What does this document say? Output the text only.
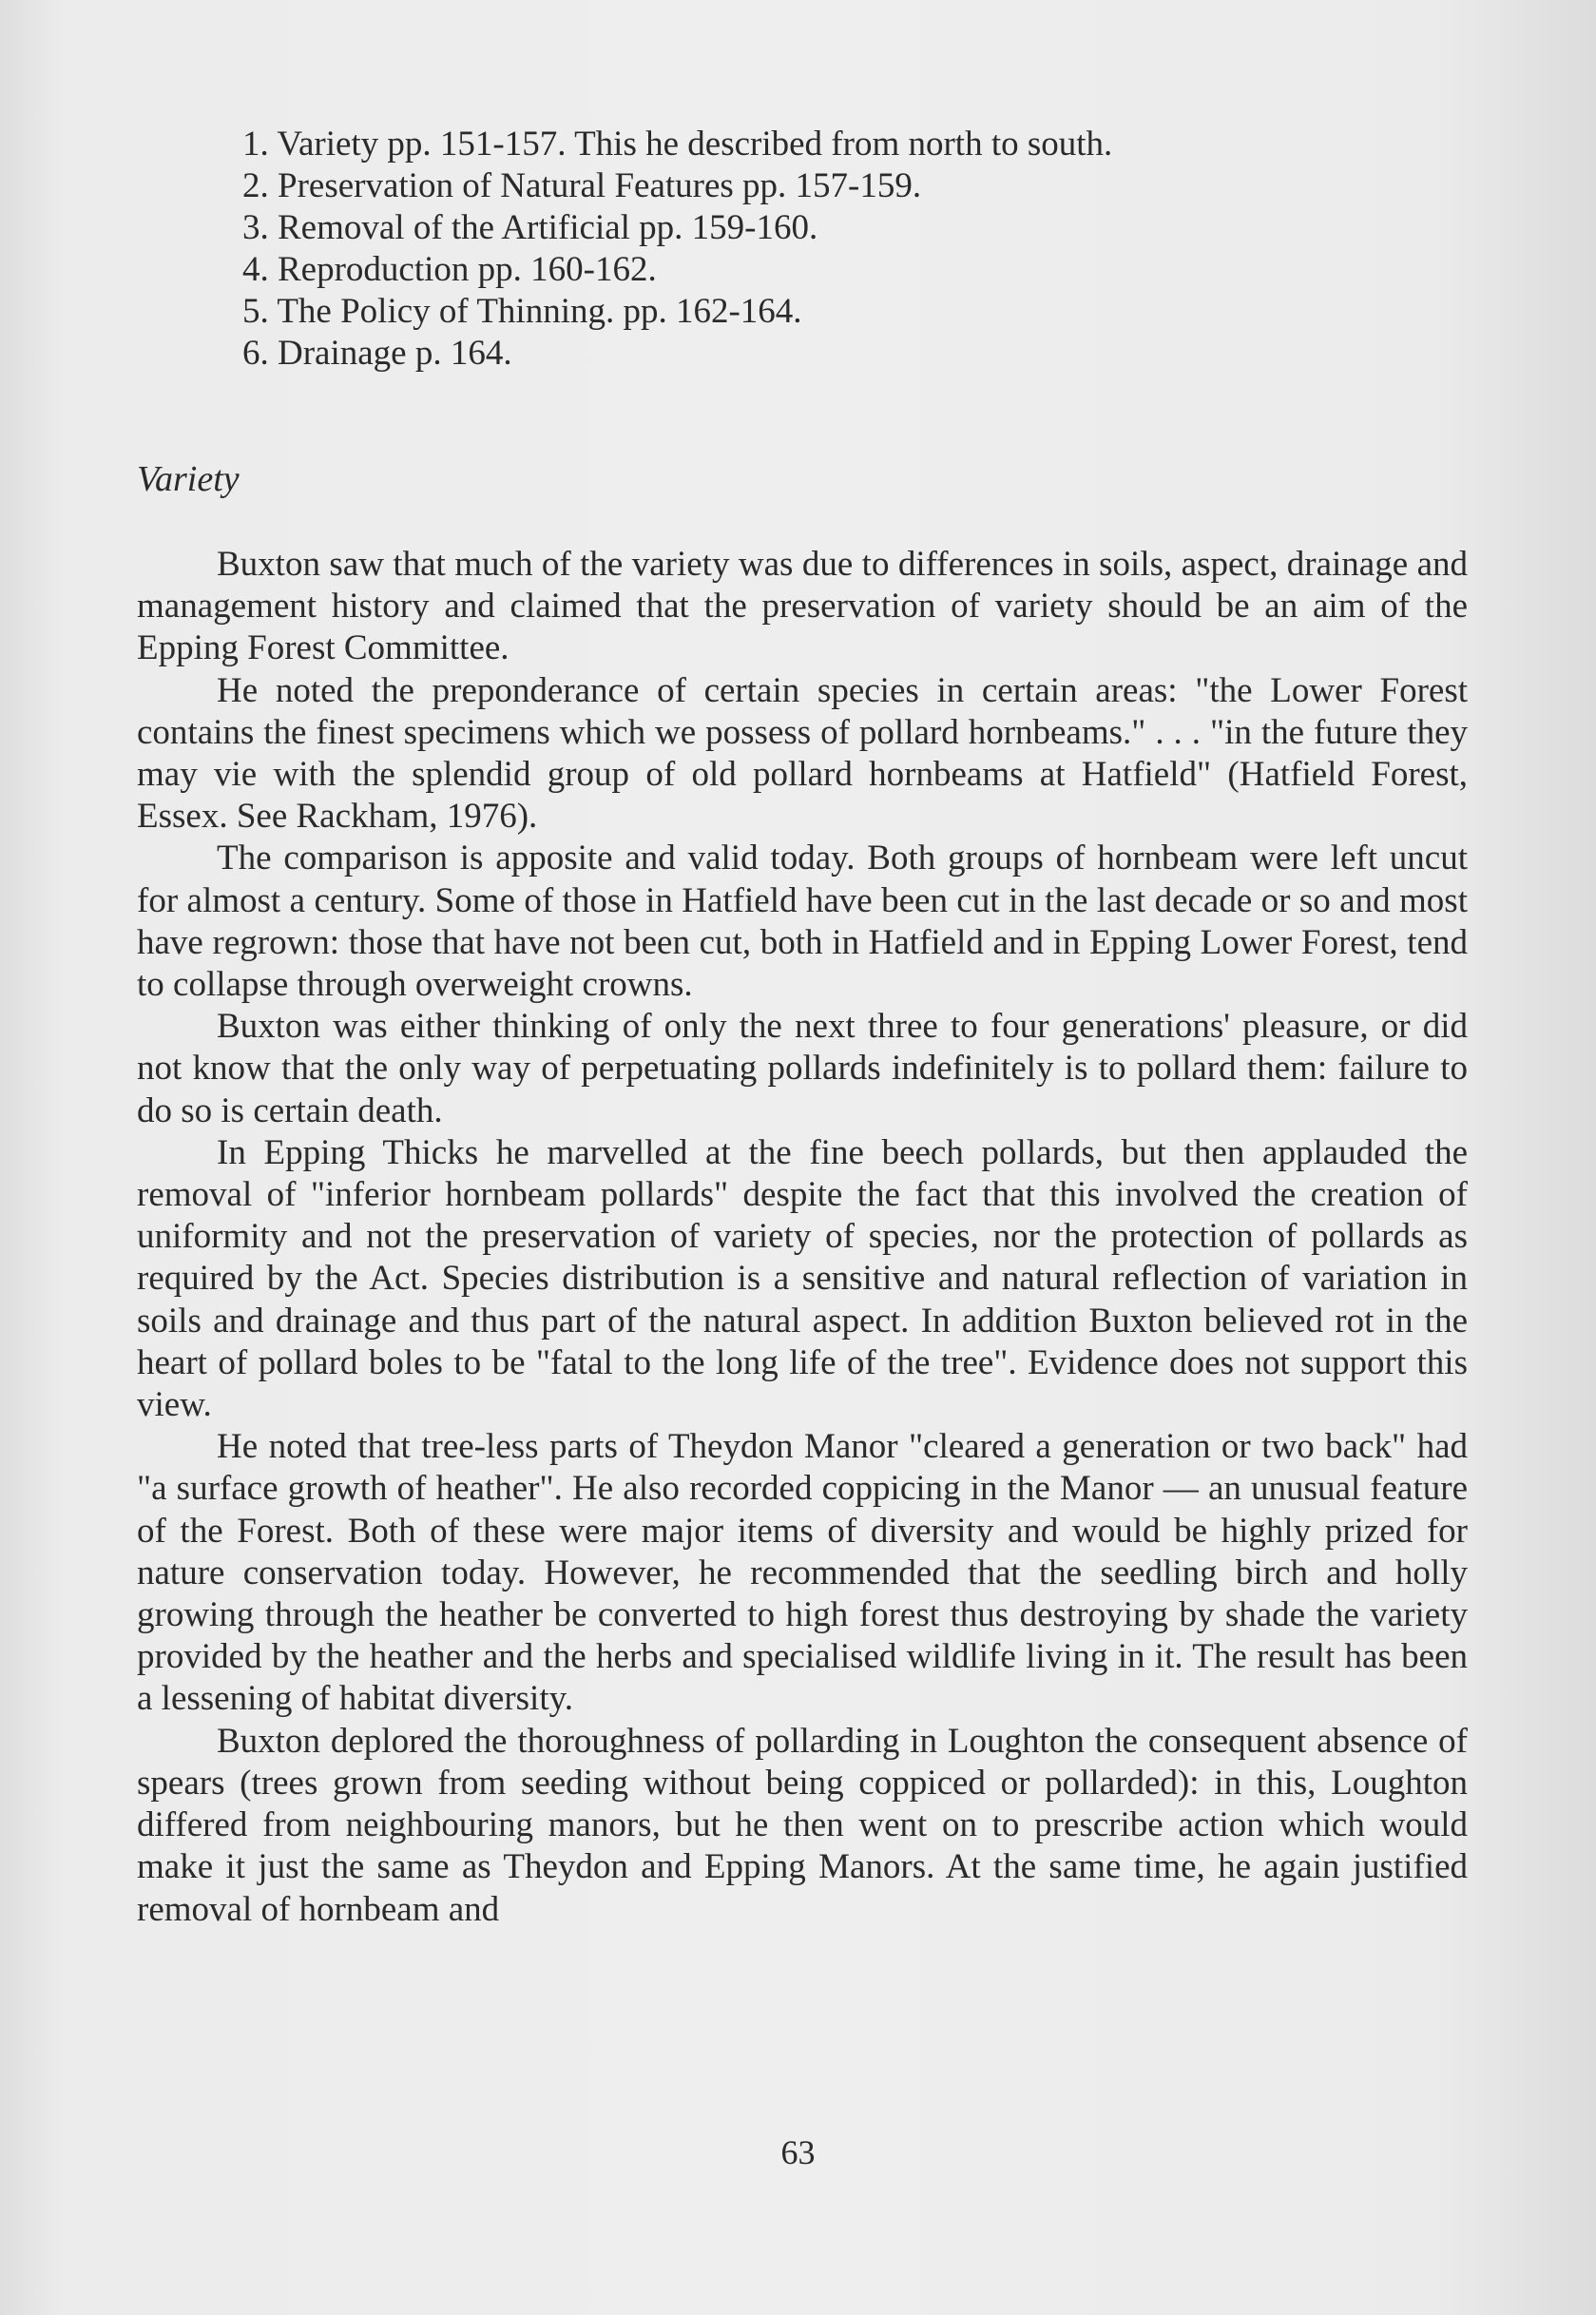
1. Variety pp. 151-157. This he described from north to south.
2. Preservation of Natural Features pp. 157-159.
3. Removal of the Artificial pp. 159-160.
4. Reproduction pp. 160-162.
5. The Policy of Thinning. pp. 162-164.
6. Drainage p. 164.
Variety

Buxton saw that much of the variety was due to differences in soils, aspect, drainage and management history and claimed that the preservation of variety should be an aim of the Epping Forest Committee.

He noted the preponderance of certain species in certain areas: "the Lower Forest contains the finest specimens which we possess of pollard hornbeams." . . . "in the future they may vie with the splendid group of old pollard hornbeams at Hatfield" (Hatfield Forest, Essex. See Rackham, 1976).

The comparison is apposite and valid today. Both groups of hornbeam were left uncut for almost a century. Some of those in Hatfield have been cut in the last decade or so and most have regrown: those that have not been cut, both in Hatfield and in Epping Lower Forest, tend to collapse through overweight crowns.

Buxton was either thinking of only the next three to four generations' pleasure, or did not know that the only way of perpetuating pollards indefinitely is to pollard them: failure to do so is certain death.

In Epping Thicks he marvelled at the fine beech pollards, but then applauded the removal of "inferior hornbeam pollards" despite the fact that this involved the creation of uniformity and not the preservation of variety of species, nor the protection of pollards as required by the Act. Species distribution is a sensitive and natural reflection of variation in soils and drainage and thus part of the natural aspect. In addition Buxton believed rot in the heart of pollard boles to be "fatal to the long life of the tree". Evidence does not support this view.

He noted that tree-less parts of Theydon Manor "cleared a generation or two back" had "a surface growth of heather". He also recorded coppicing in the Manor — an unusual feature of the Forest. Both of these were major items of diversity and would be highly prized for nature conservation today. However, he recommended that the seedling birch and holly growing through the heather be converted to high forest thus destroying by shade the variety provided by the heather and the herbs and specialised wildlife living in it. The result has been a lessening of habitat diversity.

Buxton deplored the thoroughness of pollarding in Loughton the consequent absence of spears (trees grown from seeding without being coppiced or pollarded): in this, Loughton differed from neighbouring manors, but he then went on to prescribe action which would make it just the same as Theydon and Epping Manors. At the same time, he again justified removal of hornbeam and

63
